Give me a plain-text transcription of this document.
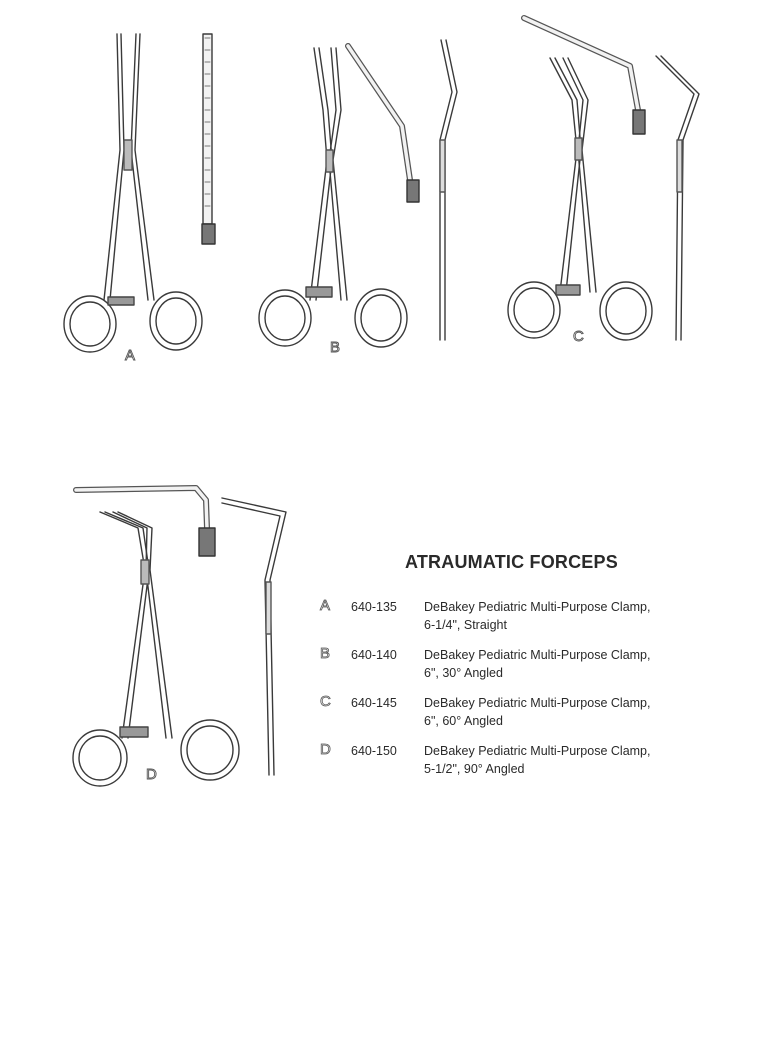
A	B
C
D
ATRAUMATIC FORCEPS
A 640-135 DeBakey Pediatric Multi-Purpose Clamp,
6-1/4", Straight
B 640-140 DeBakey Pediatric Multi-Purpose Clamp,
6", 30° Angled
C 640-145 DeBakey Pediatric Multi-Purpose Clamp,
6", 60° Angled
D 640-150 DeBakey Pediatric Multi-Purpose Clamp,
5-1/2", 90° Angled
